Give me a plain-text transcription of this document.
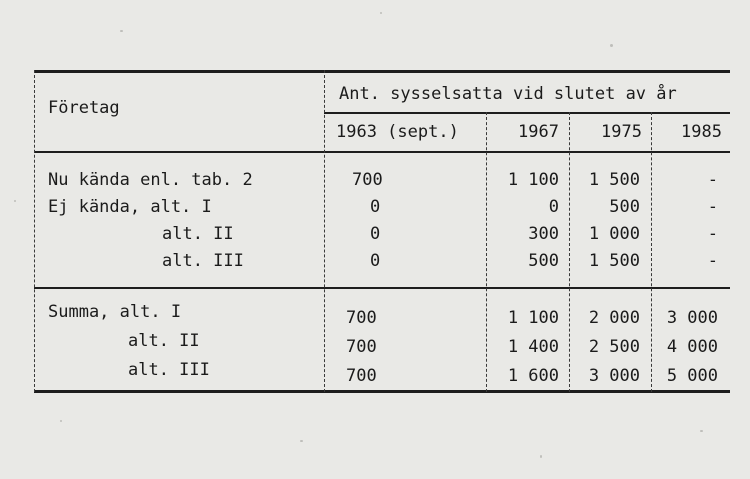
Företag
Ant. sysselsatta vid slutet av år
1963 (sept.)	1967	1975	1985
Nu kända enl. tab. 2	700	1 100	1 500	-
Ej kända, alt. I	0	0	500	-
alt. II	0	300	1 000	-
alt. III	0	500	1 500	-
Summa, alt. I	700	1 100	2 000	3 000
alt. II	700	1 400	2 500	4 000
alt. III	700	1 600	3 000	5 000
